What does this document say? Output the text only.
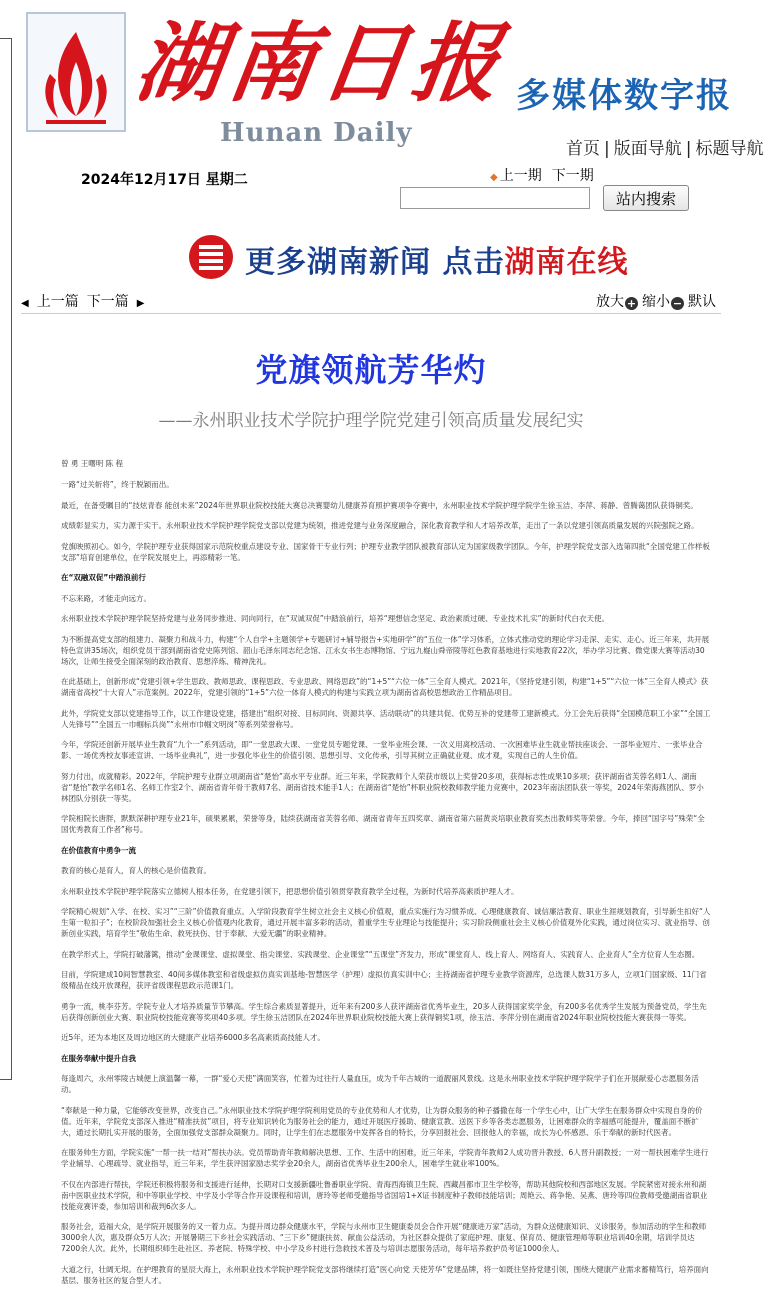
湖南日报
Hunan Daily
多媒体数字报
首页 | 版面导航 | 标题导航
2024年12月17日 星期二	◆ 上一期 下一期
站内搜索
更多湖南新闻 点击湖南在线
◀ 上一篇 下一篇 ▶	放大 + 缩小 − 默认
党旗领航芳华灼
——永州职业技术学院护理学院党建引领高质量发展纪实

曾 勇 王曙明 陈 程

一路“过关斩将”，终于脱颖而出。

最近，在备受瞩目的“技炫青春 能创未来”2024年世界职业院校技能大赛总决赛婴幼儿健康养育照护赛项争夺赛中，永州职业技术学院护理学院学生徐玉洁、李萍、蒋静、曾腾蔼团队获得铜奖。

成绩彰显实力，实力源于实干。永州职业技术学院护理学院党支部以党建为统领，推进党建与业务深度融合，深化教育教学和人才培养改革，走出了一条以党建引领高质量发展的兴院强院之路。

党旗映照初心。如今，学院护理专业获得国家示范院校重点建设专业、国家骨干专业行列；护理专业教学团队被教育部认定为国家级教学团队。今年，护理学院党支部入选第四批“全国党建工作样板支部”培育创建单位，在学院发展史上，再添精彩一笔。

在“双融双促”中踏浪前行

不忘来路，才能走向远方。

永州职业技术学院护理学院坚持党建与业务同步推进、同向同行，在“双诚双促”中踏浪前行，培养“理想信念坚定、政治素质过硬、专业技术扎实”的新时代白衣天使。

为不断提高党支部的组建力、凝聚力和战斗力，构建“个人自学+主题领学+专题研讨+辅导报告+实地研学”的“五位一体”学习体系，立体式推动党的理论学习走深、走实、走心。近三年来，共开展特色宣讲35场次，组织党员干部到湖南省党史陈列馆、韶山毛泽东同志纪念馆、江永女书生态博物馆、宁远九嶷山舜帝陵等红色教育基地进行实地教育22次，举办学习比赛、微党课大赛等活动30场次，让师生接受全面深刻的政治教育、思想淬炼、精神洗礼。

在此基础上，创新形成“党建引领+学生思政、教师思政、课程思政、专业思政、网络思政”的“1+5”“六位一体”三全育人模式。2021年，《坚持党建引领，构建“1+5”“六位一体”三全育人模式》获湖南省高校“十大育人”示范案例。2022年，党建引领的“1+5”六位一体育人模式的构建与实践立项为湖南省高校思想政治工作精品项目。

此外，学院党支部以党建指导工作，以工作建设党建，搭建出“组织对接、目标同向、资源共享、活动联动”的共建共促、优势互补的党建带工建新模式。分工会先后获得“全国模范职工小家”“全国工人先锋号”“全国五一巾帼标兵岗”“永州市巾帼文明岗”等系列荣誉称号。

今年，学院还创新开展毕业生教育“九个一”系列活动，即“一堂思政大课、一堂党员专题党课、一堂毕业班会课、一次义用离校活动、一次困难毕业生就业帮扶座谈会、一部毕业短片、一张毕业合影、一场优秀校友事迹宣讲、一场毕业典礼”，进一步强化毕业生的价值引领、思想引导、文化传承，引导其树立正确就业观、成才观，实现自己的人生价值。

努力付出，成就精彩。2022年，学院护理专业群立项湖南省“楚怡”高水平专业群。近三年来，学院教师个人荣获市级以上奖誉20多项，获得标志性成果10多项；获评湖南省芙蓉名师1人、湖南省“楚怡”教学名师1名、名师工作室2个、湖南省青年骨干教师7名、湖南省技术能手1人；在湖南省“楚怡”杯职业院校教师教学能力竞赛中，2023年南法团队获一等奖，2024年荣海燕团队、罗小林团队分别获一等奖。

学院相院长唐胖，默默深耕护理专业21年，硕果累累，荣誉等身，陆续获湖南省芙蓉名师、湖南省青年五四奖章、湖南省第六届黄炎培职业教育奖杰出教师奖等荣誉。今年，捧回“国字号”殊荣“全国优秀教育工作者”称号。

在价值教育中勇争一流

教育的核心是育人，育人的核心是价值教育。

永州职业技术学院护理学院落实立德树人根本任务，在党建引领下，把思想价值引领贯穿教育教学全过程，为新时代培养高素质护理人才。

学院精心规划“入学、在校、实习”“三阶”价值教育重点。入学阶段教育学生树立社会主义核心价值观，重点实施行为习惯养成、心理健康教育、诚信廉洁教育、职业生涯规划教育，引导新生扣好“人生第一粒扣子”；在校阶段加强社会主义核心价值观内化教育，通过开展丰富多彩的活动，着重学生专业理论与技能提升；实习阶段侧重社会主义核心价值观外化实践，通过岗位实习、就业指导、创新创业实践，培育学生“敬佑生命、救死扶伤、甘于奉献、大爱无疆”的职业精神。

在教学形式上，学院打破藩篱，推动“金课课堂、虚拟课堂、指尖课堂、实践课堂、企业课堂”“五课堂”齐发力，形成“课堂育人、线上育人、网络育人、实践育人、企业育人”全方位育人生态圈。

目前，学院建成10间智慧教室、40间多媒体教室和省级虚拟仿真实训基地-智慧医学（护理）虚拟仿真实训中心；主持湖南省护理专业教学资源库，总选课人数31万多人，立项1门国家级、11门省级精品在线开放课程，获评省级课程思政示范课1门。

勇争一流，桃李芬芳。学院专业人才培养质量节节攀高。学生综合素质显著提升，近年来有200多人获评湖南省优秀毕业生，20多人获得国家奖学金，有200多名优秀学生发展为预备党员，学生先后获得创新创业大赛、职业院校技能竞赛等奖项40多项。学生徐玉洁团队在2024年世界职业院校技能大赛上获得铜奖1项，徐玉洁、李萍分别在湖南省2024年职业院校技能大赛获得一等奖。

近5年，还为本地区及周边地区的大健康产业培养6000多名高素质高技能人才。

在服务奉献中提升自我

每逢周六，永州零陵古城便上演温馨一幕，一群“爱心天使”满面笑容，忙着为过往行人量血压，成为千年古城的一道靓丽风景线。这是永州职业技术学院护理学院学子们在开展献爱心志愿服务活动。

“奉献是一种力量，它能够改变世界，改变自己。”永州职业技术学院护理学院利用党员的专业优势和人才优势，让为群众服务的种子播撒在每一个学生心中，让广大学生在服务群众中实现自身的价值。近年来，学院党支部深入推进“精准扶贫”项目，将专业知识转化为服务社会的能力，通过开展医疗援助、健康宣教、送医下乡等各类志愿服务，让困难群众的幸福感可能提升，覆盖面不断扩大，通过长期扎实开展的服务，全面加强党支部群众凝聚力。同时，让学生们在志愿服务中发挥各自的特长，分享回报社会、回报他人的幸福，成长为心怀感恩、乐于奉献的新时代医者。

在服务帅生方面，学院实施“一帮一扶一结对”帮扶办法。党员帮助青年教师解决思想、工作、生活中的困难，近三年来，学院青年教师2人成功晋升教授、6人晋升副教授；一对一帮扶困难学生进行学业辅导、心理疏导、就业指导，近三年来，学生获评国家励志奖学金20余人，湖南省优秀毕业生200余人，困难学生就业率100%。

不仅在内部进行帮扶，学院还积极将服务和支援进行延伸，长期对口支援新疆吐鲁番职业学院、青海西海镇卫生院、西藏昌都市卫生学校等，帮助其他院校和西部地区发展。学院紧密对接永州和湖南中医职业技术学院，和中等职业学校、中学及小学等合作开设课程和培训，唐玲等老师受邀指导省国培1+X证书制度种子教师技能培训；周艳云、蒋争艳、吴燕、唐玲等四位教师受邀湖南省职业技能竞赛评委，参加培训和裁判6次多人。

服务社会，造福大众，是学院开展服务的又一着力点。为提升周边群众健康水平，学院与永州市卫生健康委员会合作开展“健康进万家”活动，为群众送健康知识、义诊服务，参加活动的学生和教师3000余人次，惠及群众5万人次；开展暑期三下乡社会实践活动、“三下乡”健康扶贫、献血公益活动，为社区群众提供了家庭护理、康复、保育员、健康管理师等职业培训40余期，培训学员达7200余人次。此外，长期组织师生赴社区、养老院、特殊学校、中小学及乡村进行急救技术普及与培训志愿服务活动，每年培养救护员考证1000余人。

大道之行，壮阔无垠。在护理教育的星辰大海上，永州职业技术学院护理学院党支部将继续打造“医心向党 天使芳华”党建品牌，将一如既往坚持党建引领，围绕大健康产业需求蓄精笃行，培养面向基层、服务社区的复合型人才。
